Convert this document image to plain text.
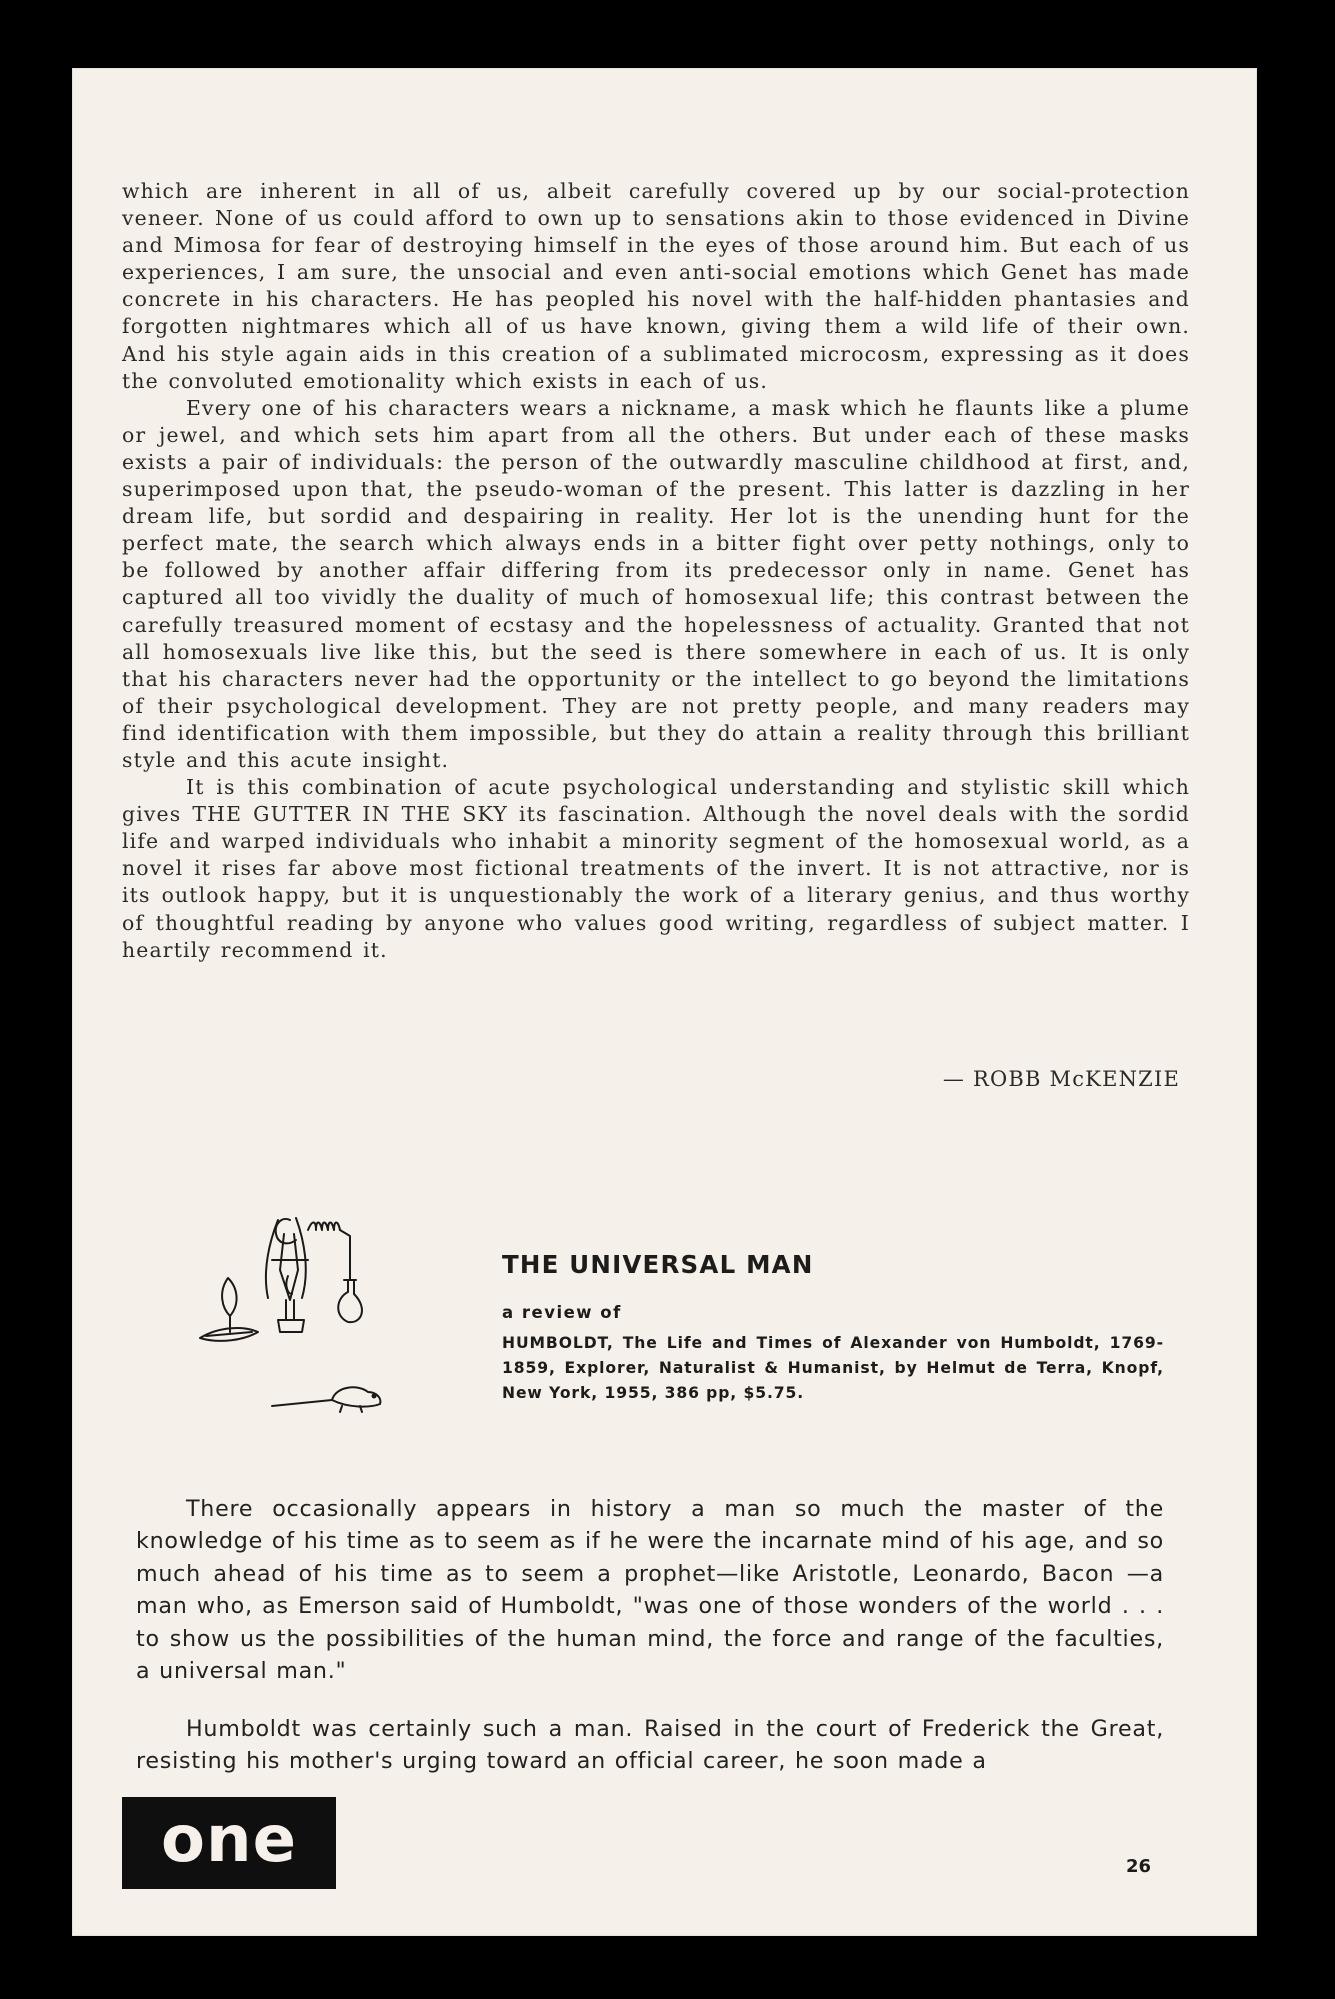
which are inherent in all of us, albeit carefully covered up by our social-protection veneer. None of us could afford to own up to sensations akin to those evidenced in Divine and Mimosa for fear of destroying himself in the eyes of those around him. But each of us experiences, I am sure, the unsocial and even anti-social emotions which Genet has made concrete in his characters. He has peopled his novel with the half-hidden phantasies and forgotten nightmares which all of us have known, giving them a wild life of their own. And his style again aids in this creation of a sublimated microcosm, expressing as it does the convoluted emotionality which exists in each of us.

Every one of his characters wears a nickname, a mask which he flaunts like a plume or jewel, and which sets him apart from all the others. But under each of these masks exists a pair of individuals: the person of the outwardly masculine childhood at first, and, superimposed upon that, the pseudo-woman of the present. This latter is dazzling in her dream life, but sordid and despairing in reality. Her lot is the unending hunt for the perfect mate, the search which always ends in a bitter fight over petty nothings, only to be followed by another affair differing from its predecessor only in name. Genet has captured all too vividly the duality of much of homosexual life; this contrast between the carefully treasured moment of ecstasy and the hopelessness of actuality. Granted that not all homosexuals live like this, but the seed is there somewhere in each of us. It is only that his characters never had the opportunity or the intellect to go beyond the limitations of their psychological development. They are not pretty people, and many readers may find identification with them impossible, but they do attain a reality through this brilliant style and this acute insight.

It is this combination of acute psychological understanding and stylistic skill which gives THE GUTTER IN THE SKY its fascination. Although the novel deals with the sordid life and warped individuals who inhabit a minority segment of the homosexual world, as a novel it rises far above most fictional treatments of the invert. It is not attractive, nor is its outlook happy, but it is unquestionably the work of a literary genius, and thus worthy of thoughtful reading by anyone who values good writing, regardless of subject matter. I heartily recommend it.

— ROBB McKENZIE
THE UNIVERSAL MAN
a review of
HUMBOLDT, The Life and Times of Alexander von Humboldt, 1769-1859, Explorer, Naturalist & Humanist, by Helmut de Terra, Knopf, New York, 1955, 386 pp, $5.75.

There occasionally appears in history a man so much the master of the knowledge of his time as to seem as if he were the incarnate mind of his age, and so much ahead of his time as to seem a prophet—like Aristotle, Leonardo, Bacon —a man who, as Emerson said of Humboldt, "was one of those wonders of the world . . . to show us the possibilities of the human mind, the force and range of the faculties, a universal man."

Humboldt was certainly such a man. Raised in the court of Frederick the Great, resisting his mother's urging toward an official career, he soon made a

one	26
